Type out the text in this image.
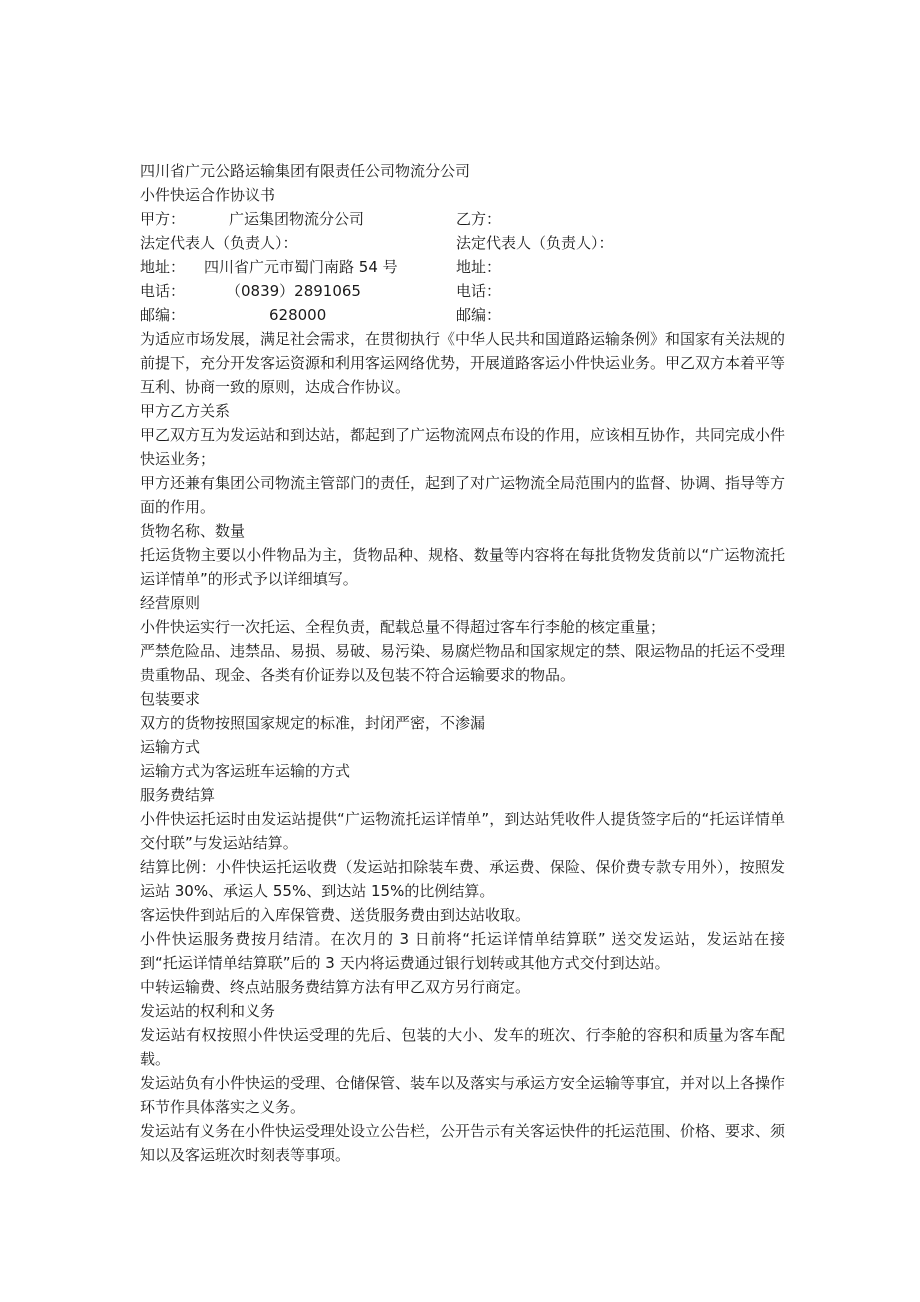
四川省广元公路运输集团有限责任公司物流分公司
小件快运合作协议书
甲方：	广运集团物流分公司	乙方：
法定代表人（负责人）：	法定代表人（负责人）：
地址： 四川省广元市蜀门南路 54 号	地址：
电话：	（0839）2891065	电话：
邮编：	628000	邮编：
为适应市场发展，满足社会需求，在贯彻执行《中华人民共和国道路运输条例》和国家有关法规的前提下，充分开发客运资源和利用客运网络优势，开展道路客运小件快运业务。甲乙双方本着平等互利、协商一致的原则，达成合作协议。
甲方乙方关系
甲乙双方互为发运站和到达站，都起到了广运物流网点布设的作用，应该相互协作，共同完成小件快运业务；
甲方还兼有集团公司物流主管部门的责任，起到了对广运物流全局范围内的监督、协调、指导等方面的作用。
货物名称、数量
托运货物主要以小件物品为主，货物品种、规格、数量等内容将在每批货物发货前以“广运物流托运详情单”的形式予以详细填写。
经营原则
小件快运实行一次托运、全程负责，配载总量不得超过客车行李舱的核定重量；
严禁危险品、违禁品、易损、易破、易污染、易腐烂物品和国家规定的禁、限运物品的托运不受理贵重物品、现金、各类有价证券以及包装不符合运输要求的物品。
包装要求
双方的货物按照国家规定的标准，封闭严密，不渗漏
运输方式
运输方式为客运班车运输的方式
服务费结算
小件快运托运时由发运站提供“广运物流托运详情单”，到达站凭收件人提货签字后的“托运详情单交付联”与发运站结算。
结算比例：小件快运托运收费（发运站扣除装车费、承运费、保险、保价费专款专用外），按照发运站 30%、承运人 55%、到达站 15%的比例结算。
客运快件到站后的入库保管费、送货服务费由到达站收取。
小件快运服务费按月结清。在次月的 3 日前将“托运详情单结算联” 送交发运站，发运站在接到“托运详情单结算联”后的 3 天内将运费通过银行划转或其他方式交付到达站。
中转运输费、终点站服务费结算方法有甲乙双方另行商定。
发运站的权利和义务
发运站有权按照小件快运受理的先后、包装的大小、发车的班次、行李舱的容积和质量为客车配载。
发运站负有小件快运的受理、仓储保管、装车以及落实与承运方安全运输等事宜，并对以上各操作环节作具体落实之义务。
发运站有义务在小件快运受理处设立公告栏，公开告示有关客运快件的托运范围、价格、要求、须知以及客运班次时刻表等事项。
